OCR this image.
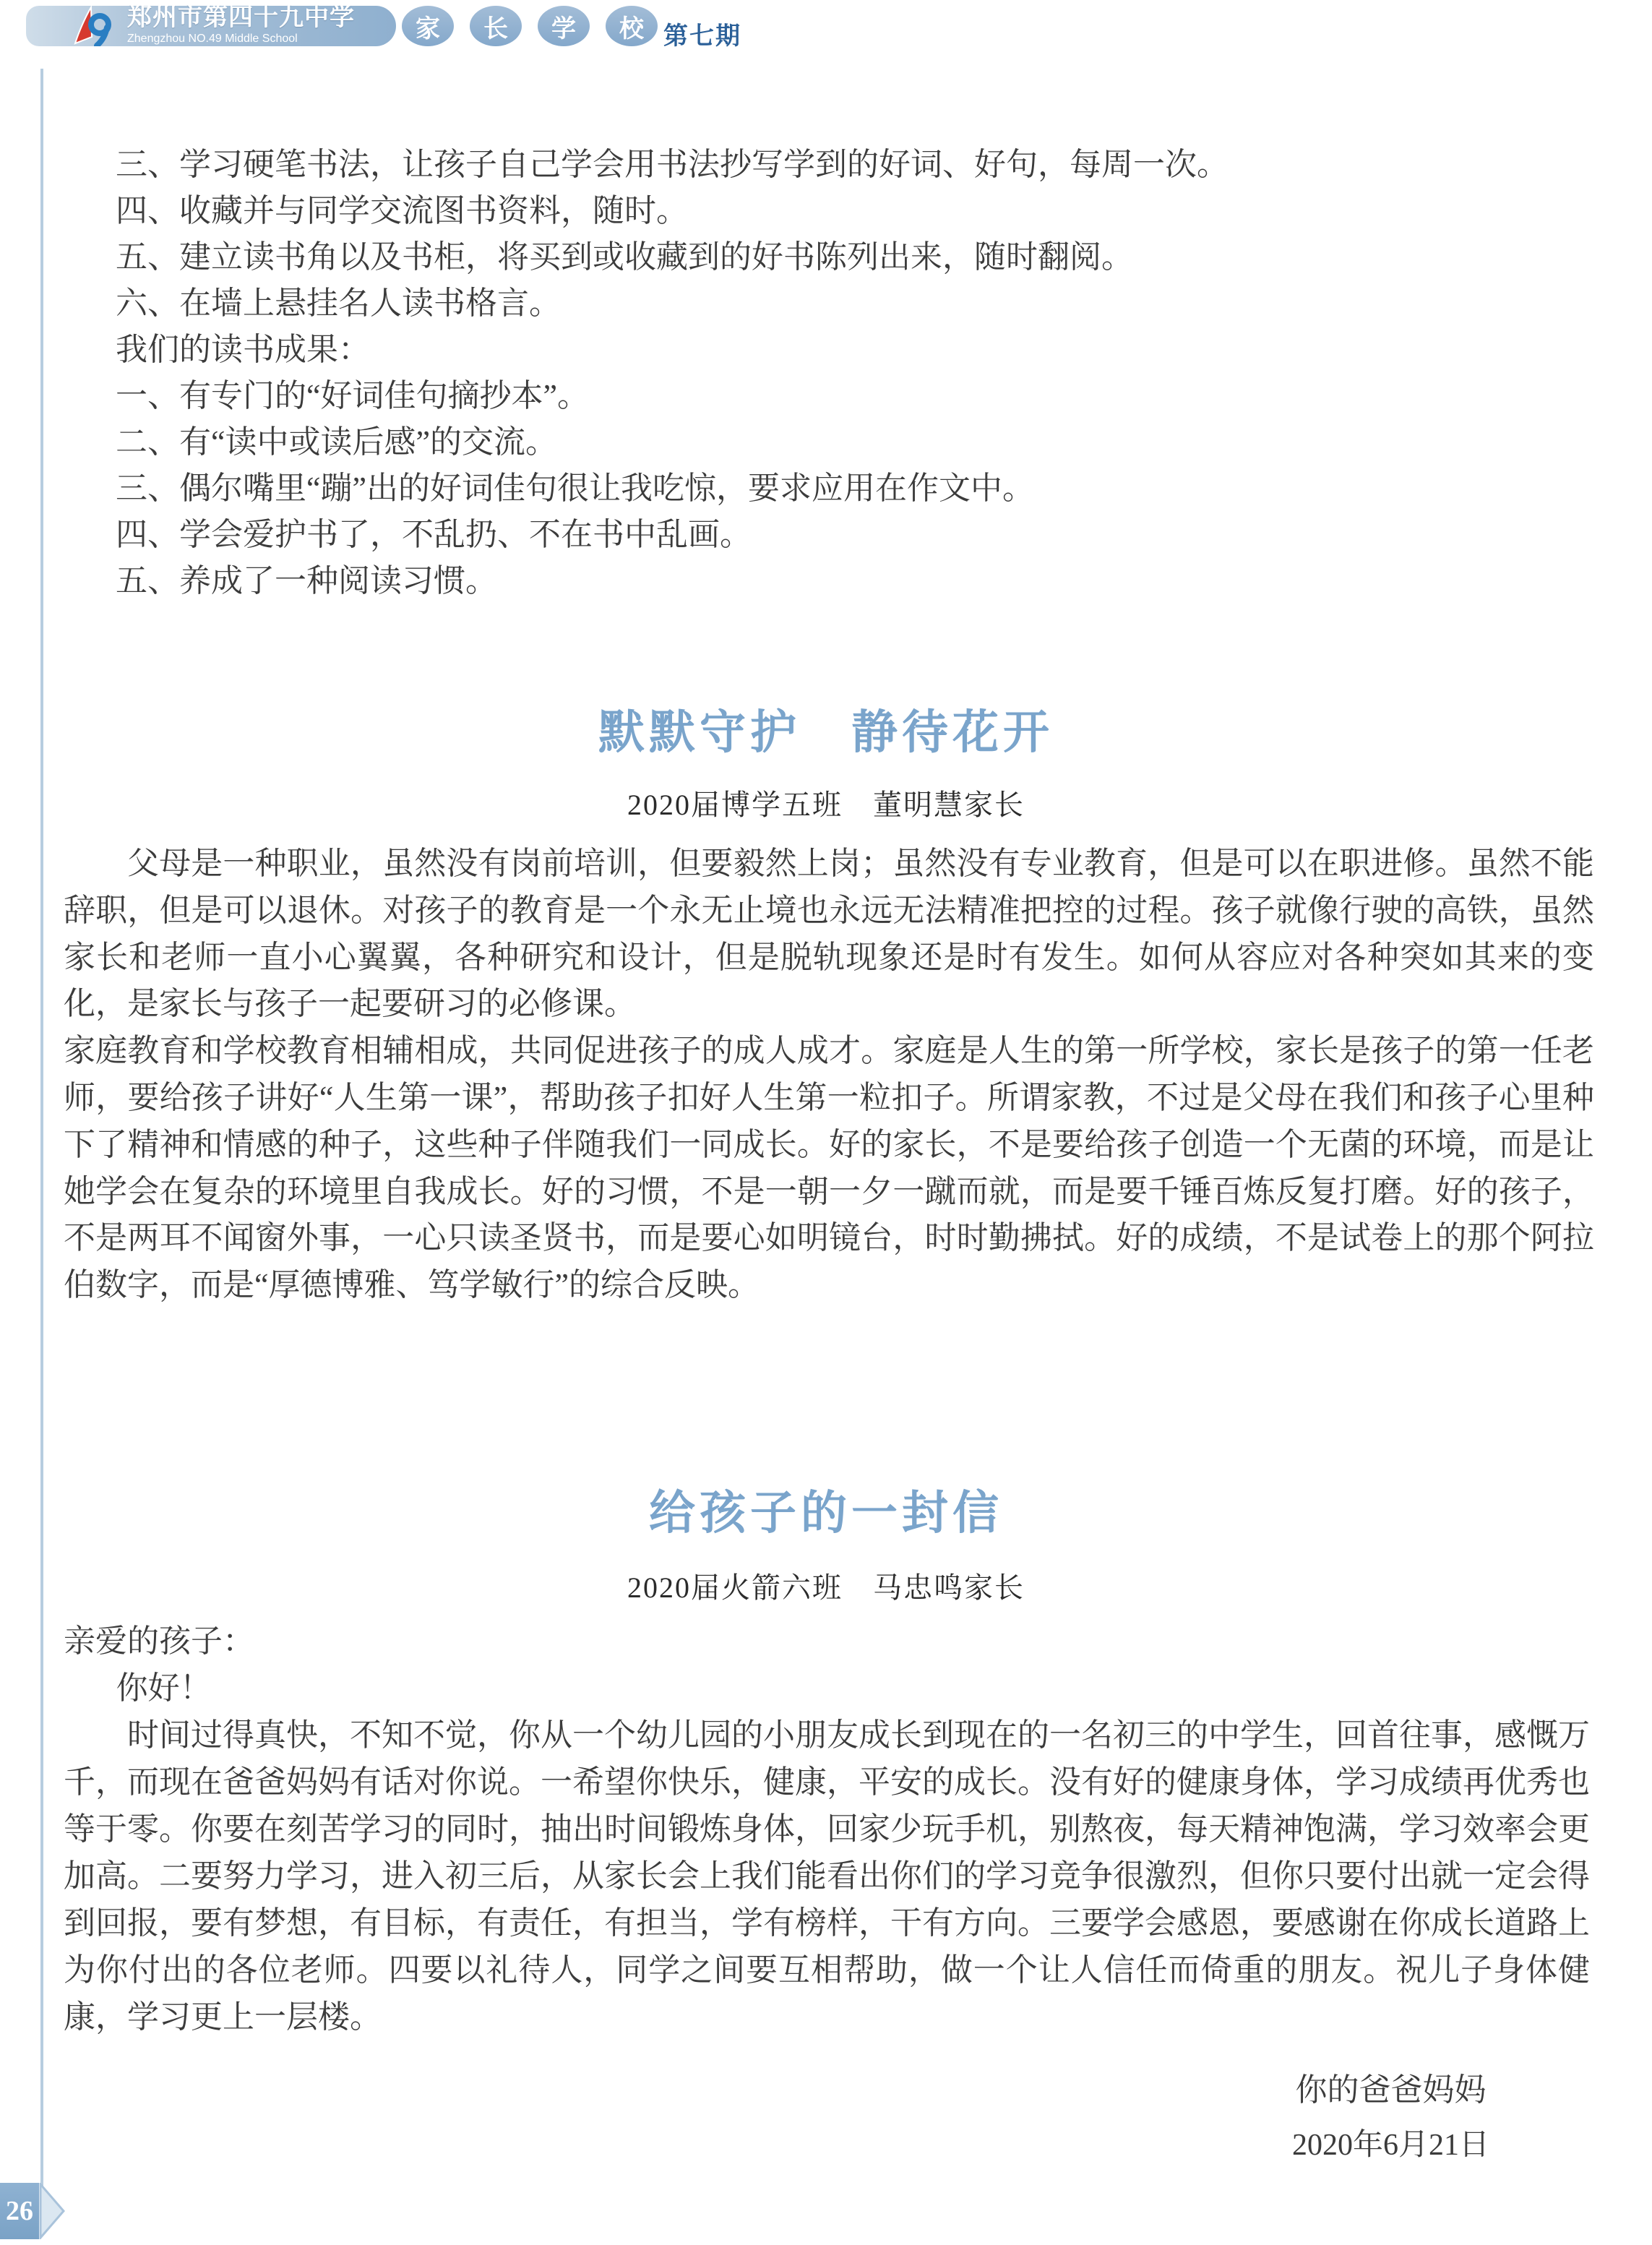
郑州市第四十九中学
Zhengzhou NO.49 Middle School	家	长	学	校 第七期
三、学习硬笔书法，让孩子自己学会用书法抄写学到的好词、好句，每周一次。
四、收藏并与同学交流图书资料，随时。
五、建立读书角以及书柜，将买到或收藏到的好书陈列出来，随时翻阅。
六、在墙上悬挂名人读书格言。
我们的读书成果：
一、有专门的“好词佳句摘抄本”。
二、有“读中或读后感”的交流。
三、偶尔嘴里“蹦”出的好词佳句很让我吃惊，要求应用在作文中。
四、学会爱护书了，不乱扔、不在书中乱画。
五、养成了一种阅读习惯。
默默守护　静待花开
2020届博学五班　董明慧家长

父母是一种职业，虽然没有岗前培训，但要毅然上岗；虽然没有专业教育，但是可以在职进修。虽然不能辞职，但是可以退休。对孩子的教育是一个永无止境也永远无法精准把控的过程。孩子就像行驶的高铁，虽然家长和老师一直小心翼翼，各种研究和设计，但是脱轨现象还是时有发生。如何从容应对各种突如其来的变化，是家长与孩子一起要研习的必修课。

家庭教育和学校教育相辅相成，共同促进孩子的成人成才。家庭是人生的第一所学校，家长是孩子的第一任老师，要给孩子讲好“人生第一课”，帮助孩子扣好人生第一粒扣子。所谓家教，不过是父母在我们和孩子心里种下了精神和情感的种子，这些种子伴随我们一同成长。好的家长，不是要给孩子创造一个无菌的环境，而是让她学会在复杂的环境里自我成长。好的习惯，不是一朝一夕一蹴而就，而是要千锤百炼反复打磨。好的孩子，不是两耳不闻窗外事，一心只读圣贤书，而是要心如明镜台，时时勤拂拭。好的成绩，不是试卷上的那个阿拉伯数字，而是“厚德博雅、笃学敏行”的综合反映。

给孩子的一封信
2020届火箭六班　马忠鸣家长
亲爱的孩子：
你好！

时间过得真快，不知不觉，你从一个幼儿园的小朋友成长到现在的一名初三的中学生，回首往事，感慨万千，而现在爸爸妈妈有话对你说。一希望你快乐，健康，平安的成长。没有好的健康身体，学习成绩再优秀也等于零。你要在刻苦学习的同时，抽出时间锻炼身体，回家少玩手机，别熬夜，每天精神饱满，学习效率会更加高。二要努力学习，进入初三后，从家长会上我们能看出你们的学习竞争很激烈，但你只要付出就一定会得到回报，要有梦想，有目标，有责任，有担当，学有榜样，干有方向。三要学会感恩，要感谢在你成长道路上为你付出的各位老师。四要以礼待人，同学之间要互相帮助，做一个让人信任而倚重的朋友。祝儿子身体健康，学习更上一层楼。

你的爸爸妈妈
2020年6月21日
26
